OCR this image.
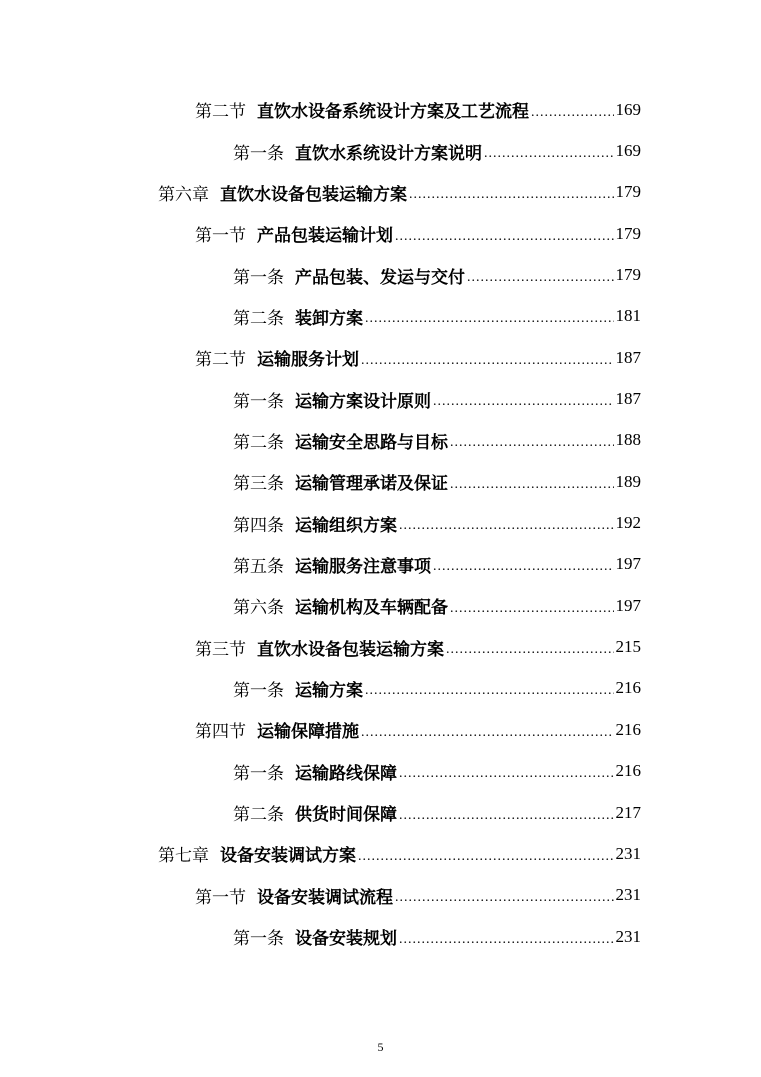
第二节 直饮水设备系统设计方案及工艺流程 .....	169
第一条 直饮水系统设计方案说明 .....	169
第六章 直饮水设备包装运输方案 .....	179
第一节 产品包装运输计划 .....	179
第一条 产品包装、发运与交付 .....	179
第二条 装卸方案 .....	181
第二节 运输服务计划 .....	187
第一条 运输方案设计原则 .....	187
第二条 运输安全思路与目标 .....	188
第三条 运输管理承诺及保证 .....	189
第四条 运输组织方案 .....	192
第五条 运输服务注意事项 .....	197
第六条 运输机构及车辆配备 .....	197
第三节 直饮水设备包装运输方案 .....	215
第一条 运输方案 .....	216
第四节 运输保障措施 .....	216
第一条 运输路线保障 .....	216
第二条 供货时间保障 .....	217
第七章 设备安装调试方案 .....	231
第一节 设备安装调试流程 .....	231
第一条 设备安装规划 .....	231
5
